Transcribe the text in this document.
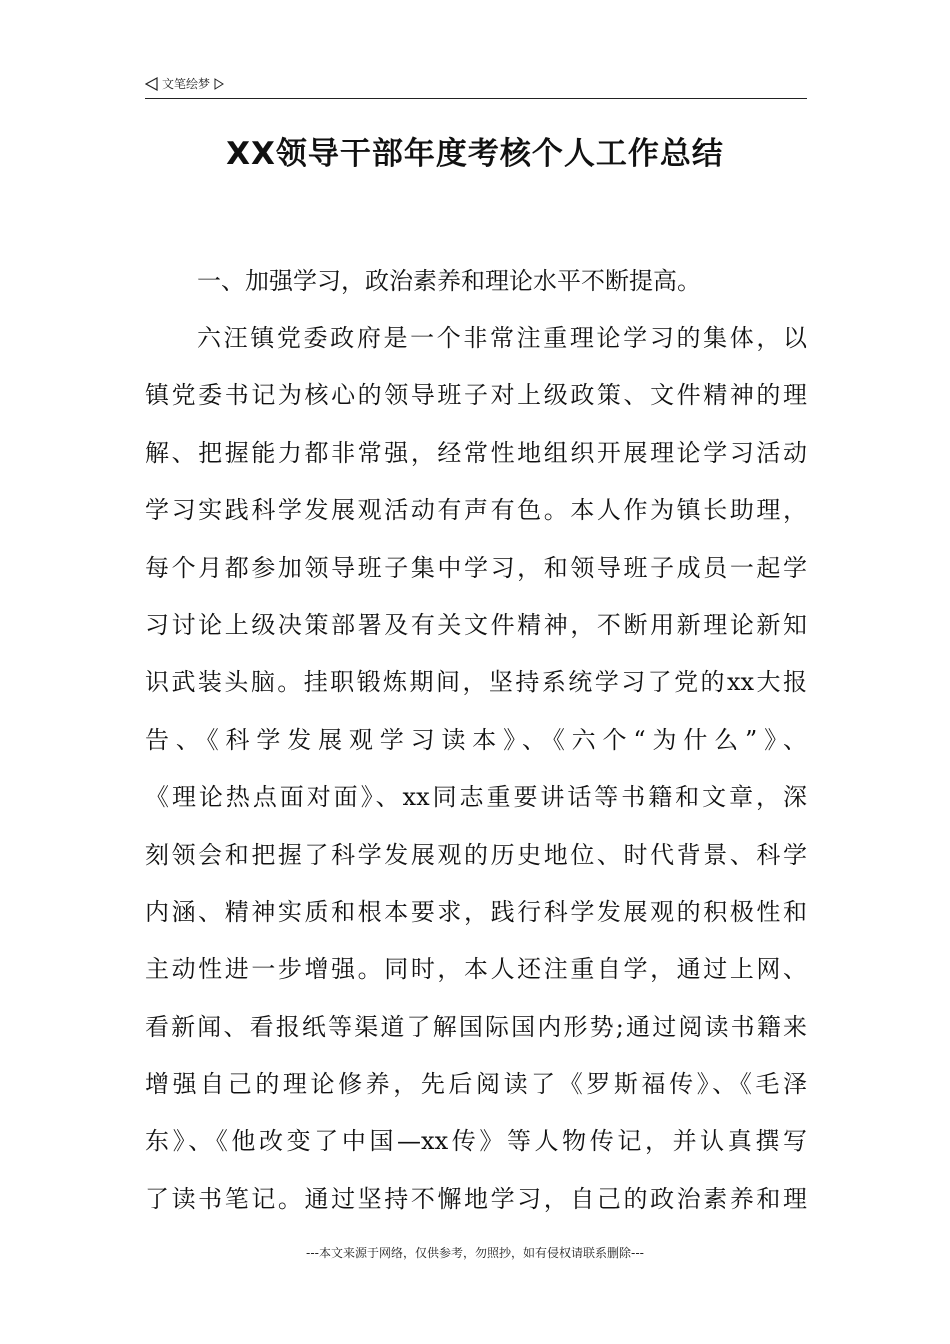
文笔绘梦
XX领导干部年度考核个人工作总结

一、加强学习，政治素养和理论水平不断提高。

六汪镇党委政府是一个非常注重理论学习的集体，以
镇党委书记为核心的领导班子对上级政策、文件精神的理
解、把握能力都非常强，经常性地组织开展理论学习活动
学习实践科学发展观活动有声有色。本人作为镇长助理，
每个月都参加领导班子集中学习，和领导班子成员一起学
习讨论上级决策部署及有关文件精神，不断用新理论新知
识武装头脑。挂职锻炼期间，坚持系统学习了党的xx大报
告、《科学发展观学习读本》、《六个“为什么”》、
《理论热点面对面》、xx同志重要讲话等书籍和文章，深
刻领会和把握了科学发展观的历史地位、时代背景、科学
内涵、精神实质和根本要求，践行科学发展观的积极性和
主动性进一步增强。同时，本人还注重自学，通过上网、
看新闻、看报纸等渠道了解国际国内形势;通过阅读书籍来
增强自己的理论修养，先后阅读了《罗斯福传》、《毛泽
东》、《他改变了中国—xx传》等人物传记，并认真撰写
了读书笔记。通过坚持不懈地学习，自己的政治素养和理
---本文来源于网络，仅供参考，勿照抄，如有侵权请联系删除---
